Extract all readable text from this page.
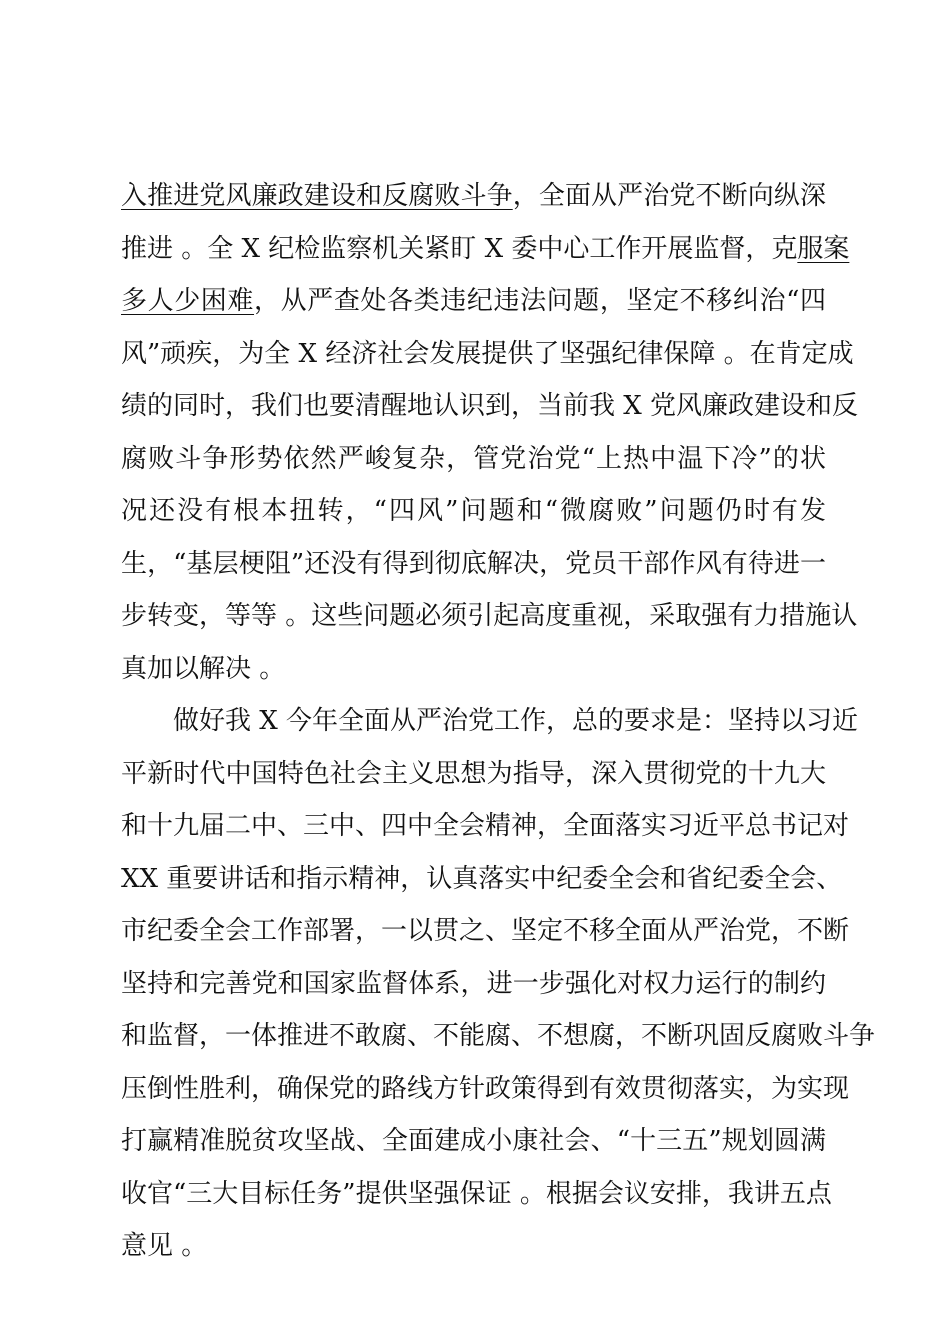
入推进党风廉政建设和反腐败斗争，全面从严治党不断向纵深
推进 。全 X 纪检监察机关紧盯 X 委中心工作开展监督，克服案
多人少困难，从严查处各类违纪违法问题，坚定不移纠治“四
风”顽疾，为全 X 经济社会发展提供了坚强纪律保障 。在肯定成
绩的同时，我们也要清醒地认识到，当前我 X 党风廉政建设和反
腐败斗争形势依然严峻复杂，管党治党“上热中温下冷”的状
况还没有根本扭转，“四风”问题和“微腐败”问题仍时有发
生，“基层梗阻”还没有得到彻底解决，党员干部作风有待进一
步转变，等等 。这些问题必须引起高度重视，采取强有力措施认
真加以解决 。
做好我 X 今年全面从严治党工作，总的要求是：坚持以习近
平新时代中国特色社会主义思想为指导，深入贯彻党的十九大
和十九届二中、三中、四中全会精神，全面落实习近平总书记对
XX 重要讲话和指示精神，认真落实中纪委全会和省纪委全会、
市纪委全会工作部署，一以贯之、坚定不移全面从严治党，不断
坚持和完善党和国家监督体系，进一步强化对权力运行的制约
和监督，一体推进不敢腐、不能腐、不想腐，不断巩固反腐败斗争
压倒性胜利，确保党的路线方针政策得到有效贯彻落实，为实现
打赢精准脱贫攻坚战、全面建成小康社会、“十三五”规划圆满
收官“三大目标任务”提供坚强保证 。根据会议安排，我讲五点
意见 。
